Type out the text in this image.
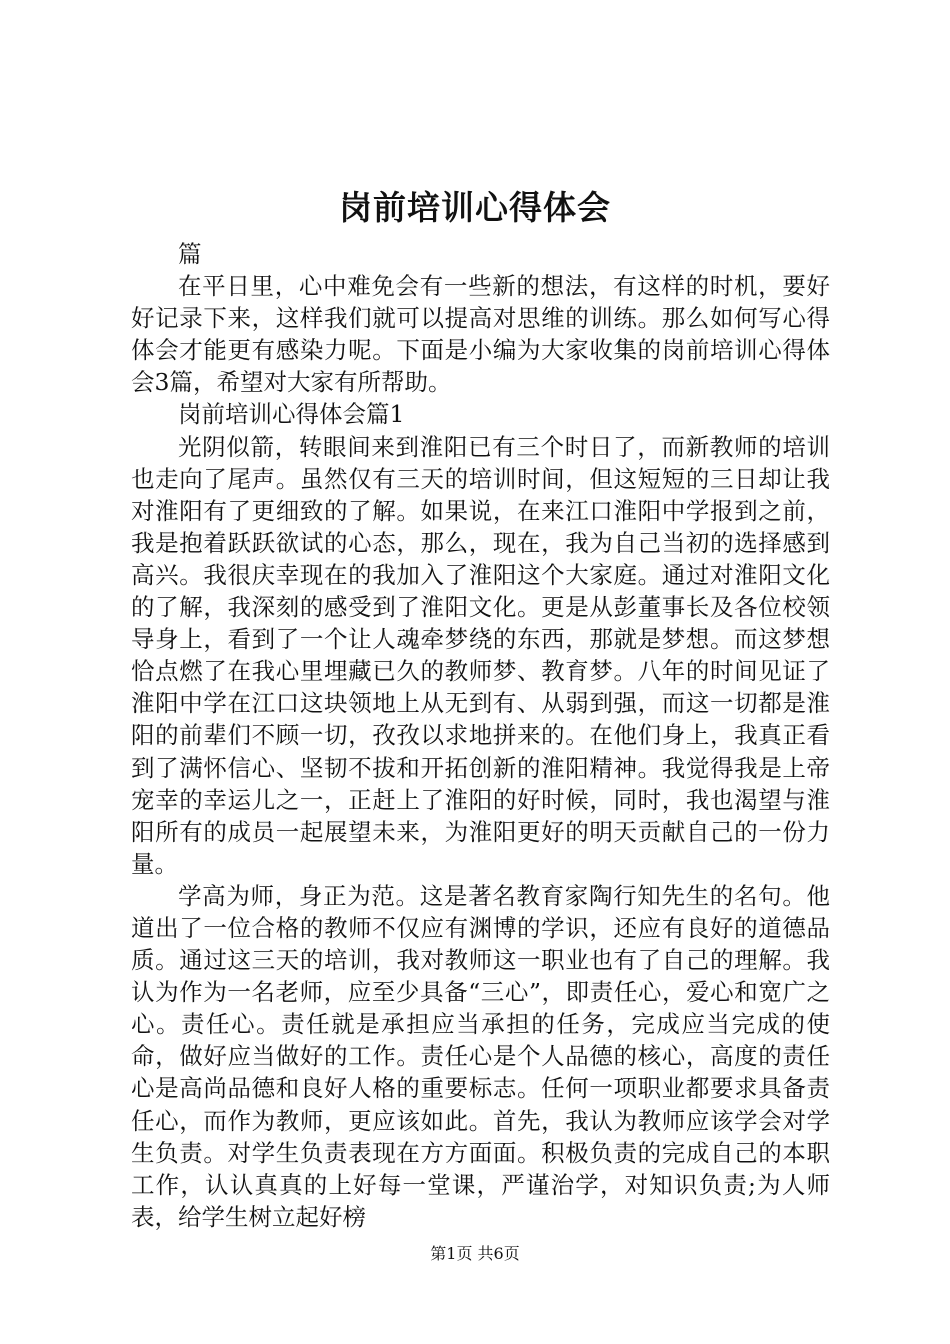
岗前培训心得体会

篇

在平日里，心中难免会有一些新的想法，有这样的时机，要好好记录下来，这样我们就可以提高对思维的训练。那么如何写心得体会才能更有感染力呢。下面是小编为大家收集的岗前培训心得体会3篇，希望对大家有所帮助。

岗前培训心得体会篇1

光阴似箭，转眼间来到淮阳已有三个时日了，而新教师的培训也走向了尾声。虽然仅有三天的培训时间，但这短短的三日却让我对淮阳有了更细致的了解。如果说，在来江口淮阳中学报到之前，我是抱着跃跃欲试的心态，那么，现在，我为自己当初的选择感到高兴。我很庆幸现在的我加入了淮阳这个大家庭。通过对淮阳文化的了解，我深刻的感受到了淮阳文化。更是从彭董事长及各位校领导身上，看到了一个让人魂牵梦绕的东西，那就是梦想。而这梦想恰点燃了在我心里埋藏已久的教师梦、教育梦。八年的时间见证了淮阳中学在江口这块领地上从无到有、从弱到强，而这一切都是淮阳的前辈们不顾一切，孜孜以求地拼来的。在他们身上，我真正看到了满怀信心、坚韧不拔和开拓创新的淮阳精神。我觉得我是上帝宠幸的幸运儿之一，正赶上了淮阳的好时候，同时，我也渴望与淮阳所有的成员一起展望未来，为淮阳更好的明天贡献自己的一份力量。

学高为师，身正为范。这是著名教育家陶行知先生的名句。他道出了一位合格的教师不仅应有渊博的学识，还应有良好的道德品质。通过这三天的培训，我对教师这一职业也有了自己的理解。我认为作为一名老师，应至少具备“三心”，即责任心，爱心和宽广之心。责任心。责任就是承担应当承担的任务，完成应当完成的使命，做好应当做好的工作。责任心是个人品德的核心，高度的责任心是高尚品德和良好人格的重要标志。任何一项职业都要求具备责任心，而作为教师，更应该如此。首先，我认为教师应该学会对学生负责。对学生负责表现在方方面面。积极负责的完成自己的本职工作，认认真真的上好每一堂课，严谨治学，对知识负责;为人师表，给学生树立起好榜

第1页 共6页
